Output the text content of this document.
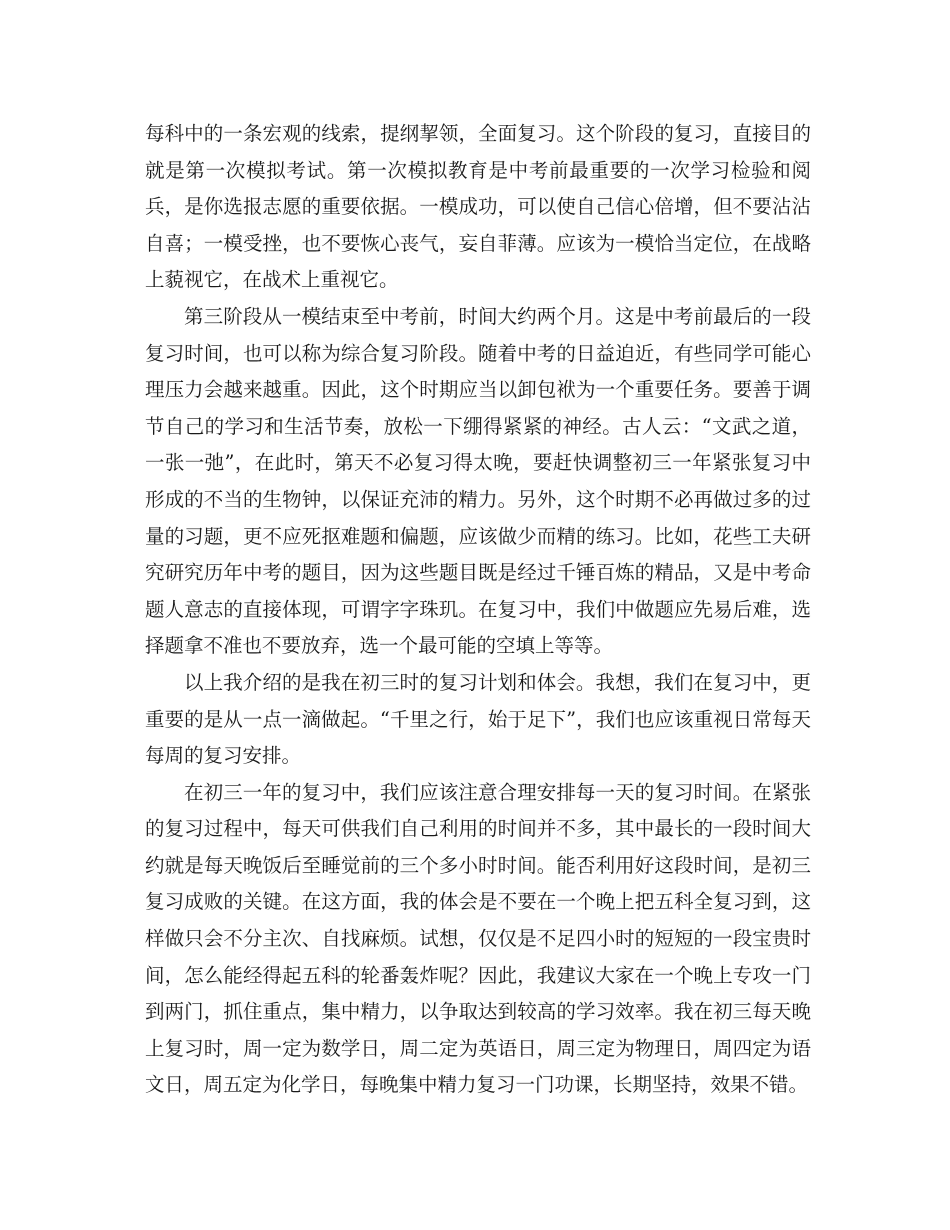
每科中的一条宏观的线索，提纲挈领，全面复习。这个阶段的复习，直接目的就是第一次模拟考试。第一次模拟教育是中考前最重要的一次学习检验和阅兵，是你选报志愿的重要依据。一模成功，可以使自己信心倍增，但不要沾沾自喜；一模受挫，也不要恢心丧气，妄自菲薄。应该为一模恰当定位，在战略上藐视它，在战术上重视它。

第三阶段从一模结束至中考前，时间大约两个月。这是中考前最后的一段复习时间，也可以称为综合复习阶段。随着中考的日益迫近，有些同学可能心理压力会越来越重。因此，这个时期应当以卸包袱为一个重要任务。要善于调节自己的学习和生活节奏，放松一下绷得紧紧的神经。古人云：“文武之道，一张一弛”，在此时，第天不必复习得太晚，要赶快调整初三一年紧张复习中形成的不当的生物钟，以保证充沛的精力。另外，这个时期不必再做过多的过量的习题，更不应死抠难题和偏题，应该做少而精的练习。比如，花些工夫研究研究历年中考的题目，因为这些题目既是经过千锤百炼的精品，又是中考命题人意志的直接体现，可谓字字珠玑。在复习中，我们中做题应先易后难，选择题拿不准也不要放弃，选一个最可能的空填上等等。

以上我介绍的是我在初三时的复习计划和体会。我想，我们在复习中，更重要的是从一点一滴做起。“千里之行，始于足下”，我们也应该重视日常每天每周的复习安排。

在初三一年的复习中，我们应该注意合理安排每一天的复习时间。在紧张的复习过程中，每天可供我们自己利用的时间并不多，其中最长的一段时间大约就是每天晚饭后至睡觉前的三个多小时时间。能否利用好这段时间，是初三复习成败的关键。在这方面，我的体会是不要在一个晚上把五科全复习到，这样做只会不分主次、自找麻烦。试想，仅仅是不足四小时的短短的一段宝贵时间，怎么能经得起五科的轮番轰炸呢？因此，我建议大家在一个晚上专攻一门到两门，抓住重点，集中精力，以争取达到较高的学习效率。我在初三每天晚上复习时，周一定为数学日，周二定为英语日，周三定为物理日，周四定为语文日，周五定为化学日，每晚集中精力复习一门功课，长期坚持，效果不错。
